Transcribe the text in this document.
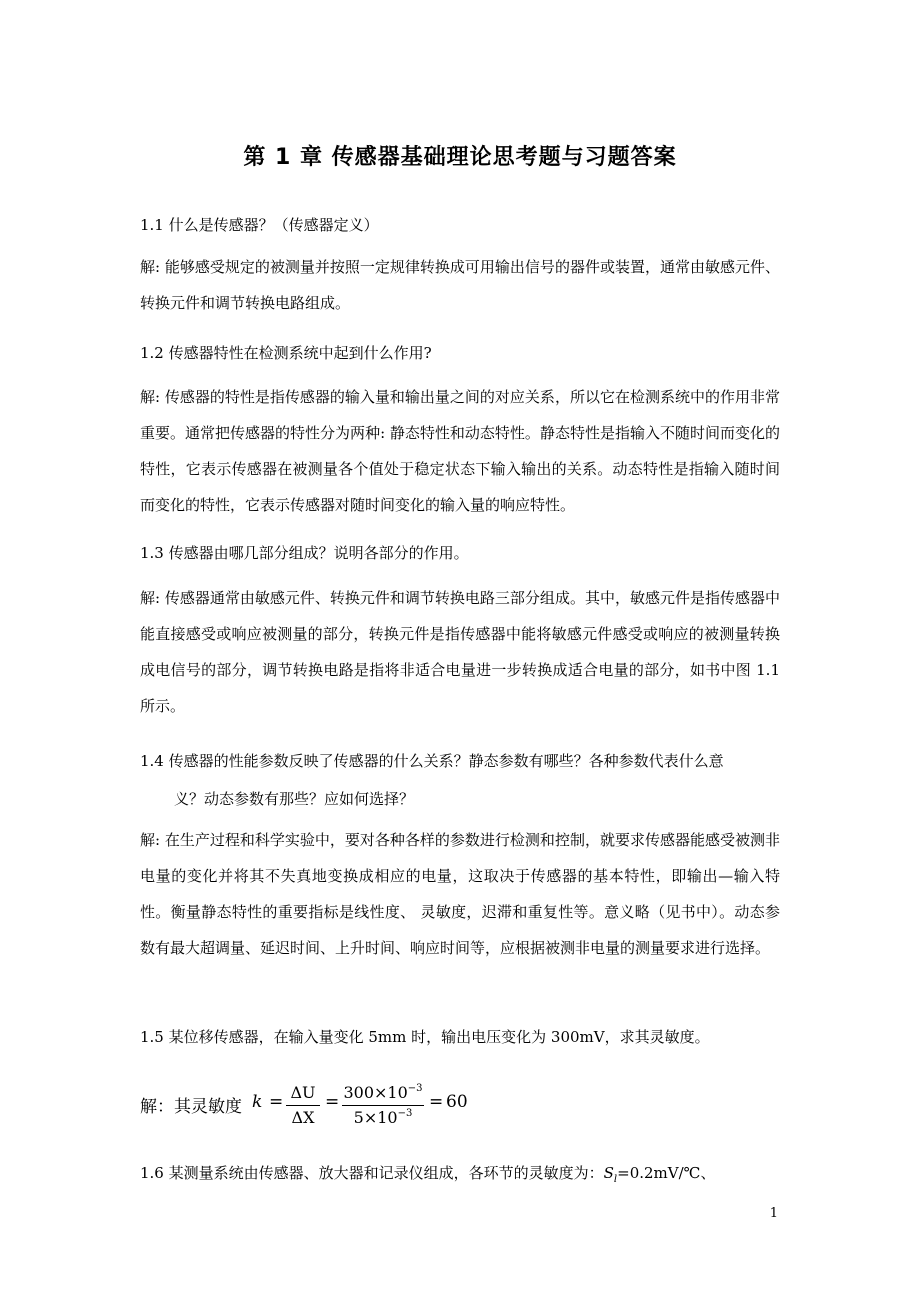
第 1 章 传感器基础理论思考题与习题答案

1.1 什么是传感器？（传感器定义）

解: 能够感受规定的被测量并按照一定规律转换成可用输出信号的器件或装置，通常由敏感元件、转换元件和调节转换电路组成。

1.2 传感器特性在检测系统中起到什么作用?

解: 传感器的特性是指传感器的输入量和输出量之间的对应关系，所以它在检测系统中的作用非常重要。通常把传感器的特性分为两种: 静态特性和动态特性。静态特性是指输入不随时间而变化的特性，它表示传感器在被测量各个值处于稳定状态下输入输出的关系。动态特性是指输入随时间而变化的特性，它表示传感器对随时间变化的输入量的响应特性。

1.3 传感器由哪几部分组成？说明各部分的作用。

解: 传感器通常由敏感元件、转换元件和调节转换电路三部分组成。其中，敏感元件是指传感器中能直接感受或响应被测量的部分，转换元件是指传感器中能将敏感元件感受或响应的被测量转换成电信号的部分，调节转换电路是指将非适合电量进一步转换成适合电量的部分，如书中图 1.1 所示。

1.4 传感器的性能参数反映了传感器的什么关系？静态参数有哪些？各种参数代表什么意
义？动态参数有那些？应如何选择？

解: 在生产过程和科学实验中，要对各种各样的参数进行检测和控制，就要求传感器能感受被测非电量的变化并将其不失真地变换成相应的电量，这取决于传感器的基本特性，即输出—输入特性。衡量静态特性的重要指标是线性度、 灵敏度，迟滞和重复性等。意义略（见书中）。动态参数有最大超调量、延迟时间、上升时间、响应时间等，应根据被测非电量的测量要求进行选择。

1.5 某位移传感器，在输入量变化 5mm 时，输出电压变化为 300mV，求其灵敏度。

解：其灵敏度 k = ΔU
ΔX
= $300\times 10^{-3}$
$5\times 10^{-3}$
= 60

1.6 某测量系统由传感器、放大器和记录仪组成，各环节的灵敏度为：$S_l=0.2mV/℃$、

1
